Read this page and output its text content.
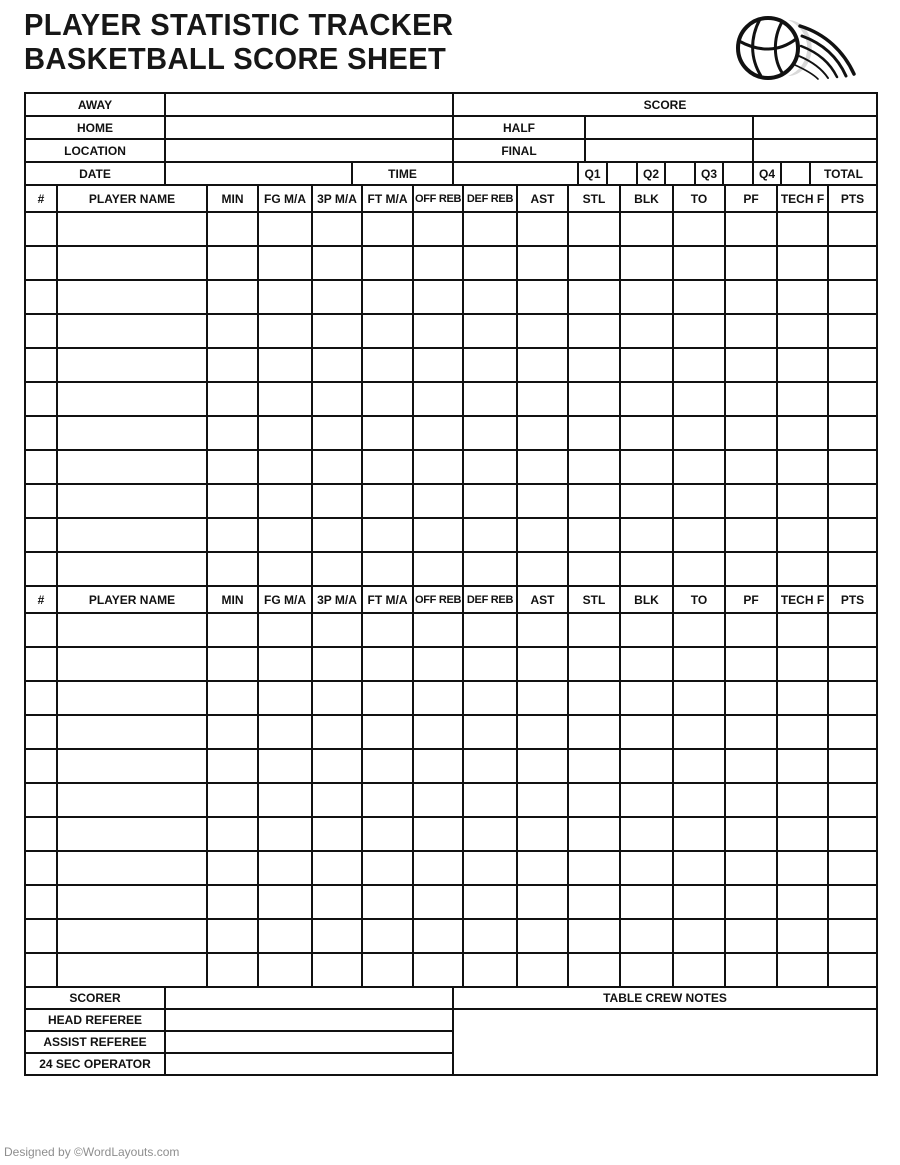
PLAYER STATISTIC TRACKER
BASKETBALL SCORE SHEET
AWAY			SCORE										
HOME			HALF										
LOCATION			FINAL										
DATE		TIME		Q1			Q2		Q3		Q4		TOTAL
#	PLAYER NAME	MIN	FG M/A	3P M/A	FT M/A	OFF REB	DEF REB	AST	STL	BLK	TO	PF	TECH F	PTS

#	PLAYER NAME	MIN	FG M/A	3P M/A	FT M/A	OFF REB	DEF REB	AST	STL	BLK	TO	PF	TECH F	PTS

SCORER		TABLE CREW NOTES
HEAD REFEREE		
ASSIST REFEREE		
24 SEC OPERATOR		
Designed by ©WordLayouts.com
